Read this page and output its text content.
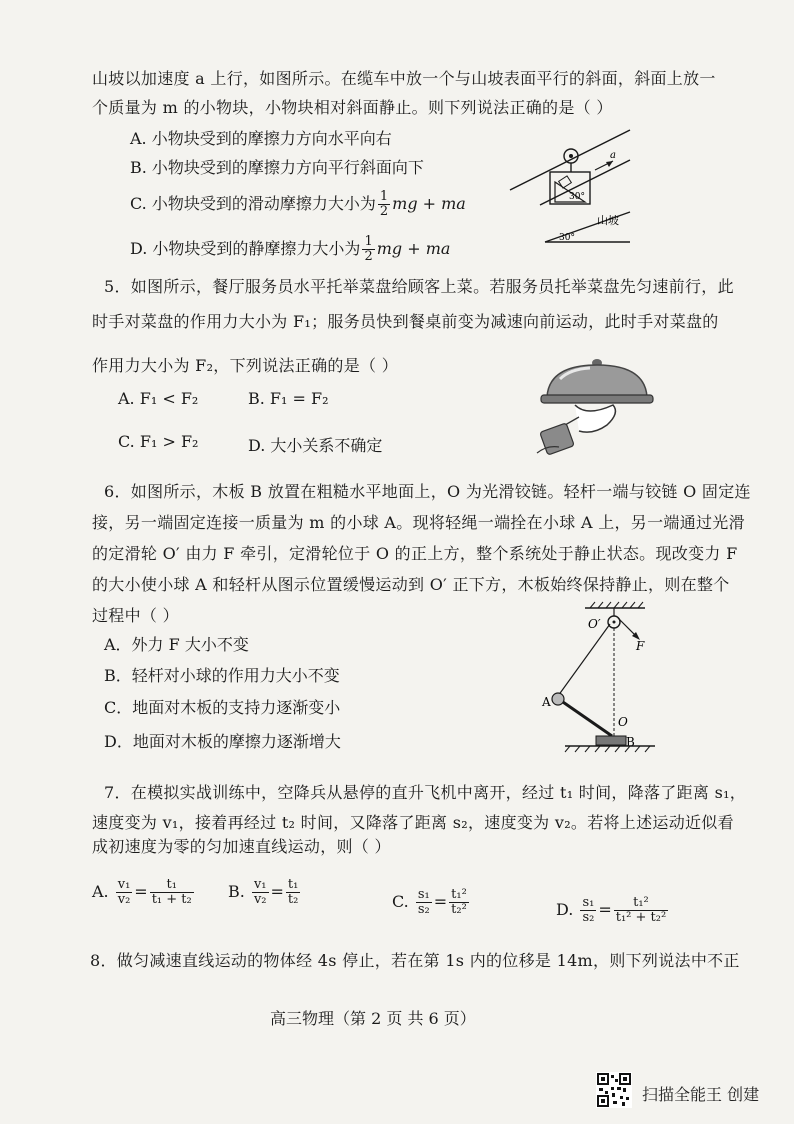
山坡以加速度 a 上行，如图所示。在缆车中放一个与山坡表面平行的斜面，斜面上放一
个质量为 m 的小物块，小物块相对斜面静止。则下列说法正确的是（ ）
A. 小物块受到的摩擦力方向水平向右
B. 小物块受到的摩擦力方向平行斜面向下
C. 小物块受到的滑动摩擦力大小为 $\frac{1}{2}$ mg + ma
D. 小物块受到的静摩擦力大小为 $\frac{1}{2}$ mg + ma
30°
a
30°
山坡
5．如图所示，餐厅服务员水平托举菜盘给顾客上菜。若服务员托举菜盘先匀速前行，此
时手对菜盘的作用力大小为 F₁；服务员快到餐桌前变为减速向前运动，此时手对菜盘的
作用力大小为 F₂，下列说法正确的是（ ）
A. F₁ < F₂	B. F₁ = F₂
C. F₁ > F₂	D. 大小关系不确定
6．如图所示，木板 B 放置在粗糙水平地面上，O 为光滑铰链。轻杆一端与铰链 O 固定连
接，另一端固定连接一质量为 m 的小球 A。现将轻绳一端拴在小球 A 上，另一端通过光滑
的定滑轮 O′ 由力 F 牵引，定滑轮位于 O 的正上方，整个系统处于静止状态。现改变力 F
的大小使小球 A 和轻杆从图示位置缓慢运动到 O′ 正下方，木板始终保持静止，则在整个
过程中（ ）
A．外力 F 大小不变
B．轻杆对小球的作用力大小不变
C．地面对木板的支持力逐渐变小
D．地面对木板的摩擦力逐渐增大
O′
F
A
O
B
7．在模拟实战训练中，空降兵从悬停的直升飞机中离开，经过 t₁ 时间，降落了距离 s₁，
速度变为 v₁，接着再经过 t₂ 时间，又降落了距离 s₂，速度变为 v₂。若将上述运动近似看
成初速度为零的匀加速直线运动，则（ ）
A. $\frac{\text{v₁}}{\text{v₂}} = \frac{\text{t₁}}{\text{t₁ + t₂}} B$. $\frac{\text{v₁}}{\text{v₂}} = \frac{\text{t₁}}{\text{t₂}}$	C. $\frac{\text{s₁}}{\text{s₂}} = \frac{\text{t₁²}}{\text{t₂²}}$	D. $\frac{\text{s₁}}{\text{s₂}} = \frac{\text{t₁²}}{\text{t₁² + t₂²}}$
8．做匀减速直线运动的物体经 4s 停止，若在第 1s 内的位移是 14m，则下列说法中不正
高三物理（第 2 页 共 6 页）
扫描全能王 创建
